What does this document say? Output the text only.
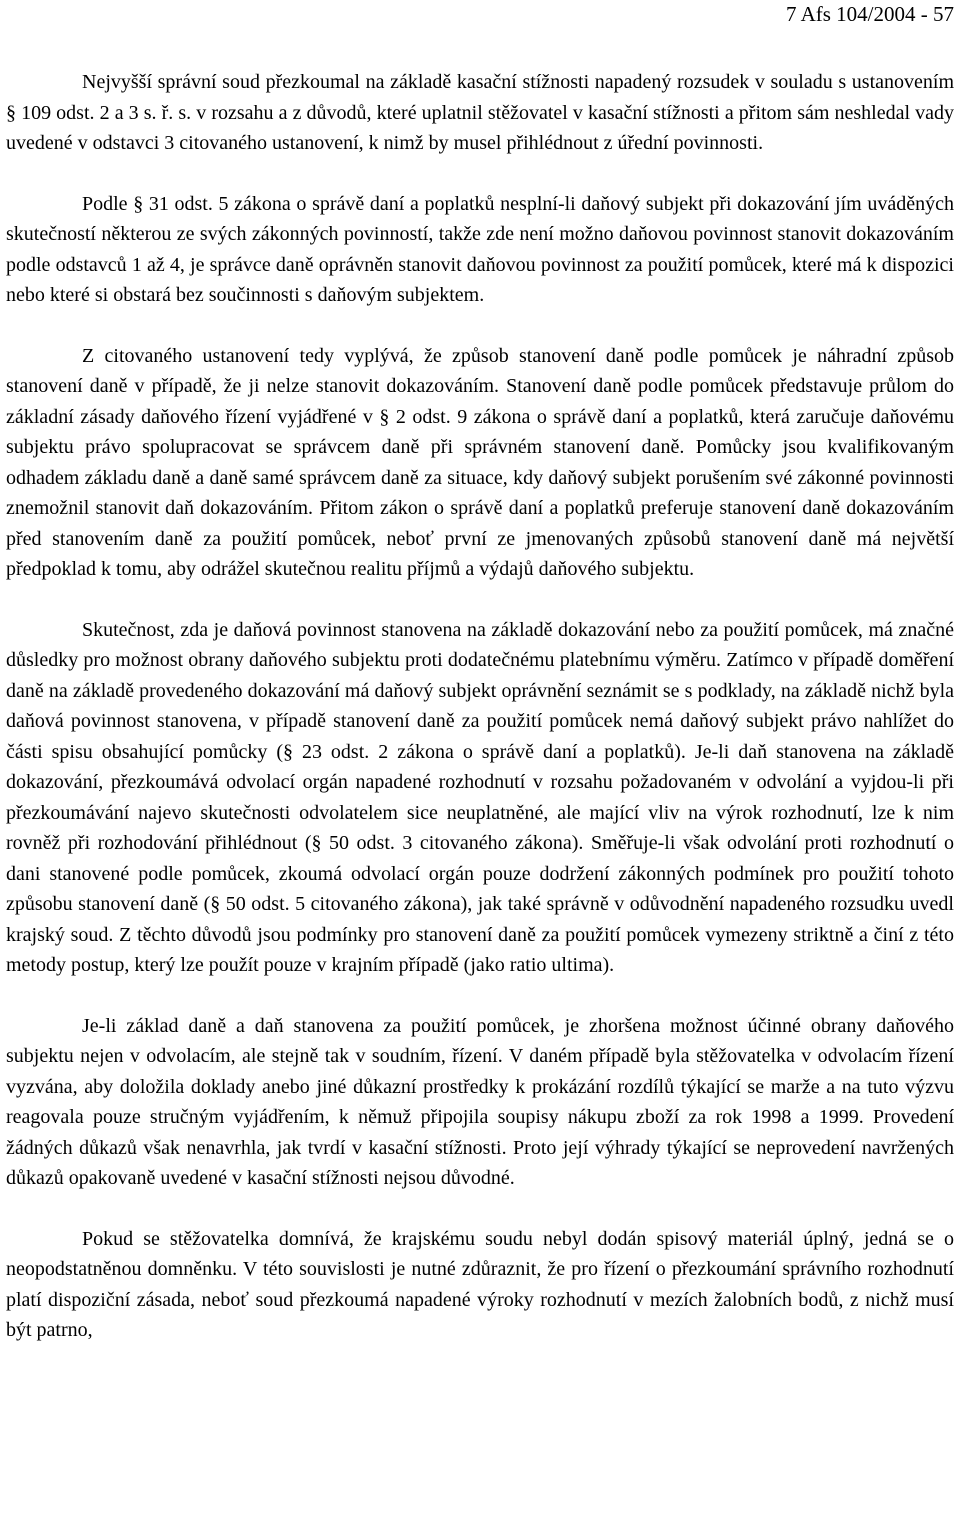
7 Afs 104/2004 - 57

Nejvyšší správní soud přezkoumal na základě kasační stížnosti napadený rozsudek v souladu s ustanovením § 109 odst. 2 a 3 s. ř. s. v rozsahu a z důvodů, které uplatnil stěžovatel v kasační stížnosti a přitom sám neshledal vady uvedené v odstavci 3 citovaného ustanovení, k nimž by musel přihlédnout z úřední povinnosti.

Podle § 31 odst. 5 zákona o správě daní a poplatků nesplní-li daňový subjekt při dokazování jím uváděných skutečností některou ze svých zákonných povinností, takže zde není možno daňovou povinnost stanovit dokazováním podle odstavců 1 až 4, je správce daně oprávněn stanovit daňovou povinnost za použití pomůcek, které má k dispozici nebo které si obstará bez součinnosti s daňovým subjektem.

Z citovaného ustanovení tedy vyplývá, že způsob stanovení daně podle pomůcek je náhradní způsob stanovení daně v případě, že ji nelze stanovit dokazováním. Stanovení daně podle pomůcek představuje průlom do základní zásady daňového řízení vyjádřené v § 2 odst. 9 zákona o správě daní a poplatků, která zaručuje daňovému subjektu právo spolupracovat se správcem daně při správném stanovení daně. Pomůcky jsou kvalifikovaným odhadem základu daně a daně samé správcem daně za situace, kdy daňový subjekt porušením své zákonné povinnosti znemožnil stanovit daň dokazováním. Přitom zákon o správě daní a poplatků preferuje stanovení daně dokazováním před stanovením daně za použití pomůcek, neboť první ze jmenovaných způsobů stanovení daně má největší předpoklad k tomu, aby odrážel skutečnou realitu příjmů a výdajů daňového subjektu.

Skutečnost, zda je daňová povinnost stanovena na základě dokazování nebo za použití pomůcek, má značné důsledky pro možnost obrany daňového subjektu proti dodatečnému platebnímu výměru. Zatímco v případě doměření daně na základě provedeného dokazování má daňový subjekt oprávnění seznámit se s podklady, na základě nichž byla daňová povinnost stanovena, v případě stanovení daně za použití pomůcek nemá daňový subjekt právo nahlížet do části spisu obsahující pomůcky (§ 23 odst. 2 zákona o správě daní a poplatků). Je-li daň stanovena na základě dokazování, přezkoumává odvolací orgán napadené rozhodnutí v rozsahu požadovaném v odvolání a vyjdou-li při přezkoumávání najevo skutečnosti odvolatelem sice neuplatněné, ale mající vliv na výrok rozhodnutí, lze k nim rovněž při rozhodování přihlédnout (§ 50 odst. 3 citovaného zákona). Směřuje-li však odvolání proti rozhodnutí o dani stanovené podle pomůcek, zkoumá odvolací orgán pouze dodržení zákonných podmínek pro použití tohoto způsobu stanovení daně (§ 50 odst. 5 citovaného zákona), jak také správně v odůvodnění napadeného rozsudku uvedl krajský soud. Z těchto důvodů jsou podmínky pro stanovení daně za použití pomůcek vymezeny striktně a činí z této metody postup, který lze použít pouze v krajním případě (jako ratio ultima).

Je-li základ daně a daň stanovena za použití pomůcek, je zhoršena možnost účinné obrany daňového subjektu nejen v odvolacím, ale stejně tak v soudním, řízení. V daném případě byla stěžovatelka v odvolacím řízení vyzvána, aby doložila doklady anebo jiné důkazní prostředky k prokázání rozdílů týkající se marže a na tuto výzvu reagovala pouze stručným vyjádřením, k němuž připojila soupisy nákupu zboží za rok 1998 a 1999. Provedení žádných důkazů však nenavrhla, jak tvrdí v kasační stížnosti. Proto její výhrady týkající se neprovedení navržených důkazů opakovaně uvedené v kasační stížnosti nejsou důvodné.

Pokud se stěžovatelka domnívá, že krajskému soudu nebyl dodán spisový materiál úplný, jedná se o neopodstatněnou domněnku. V této souvislosti je nutné zdůraznit, že pro řízení o přezkoumání správního rozhodnutí platí dispoziční zásada, neboť soud přezkoumá napadené výroky rozhodnutí v mezích žalobních bodů, z nichž musí být patrno,
